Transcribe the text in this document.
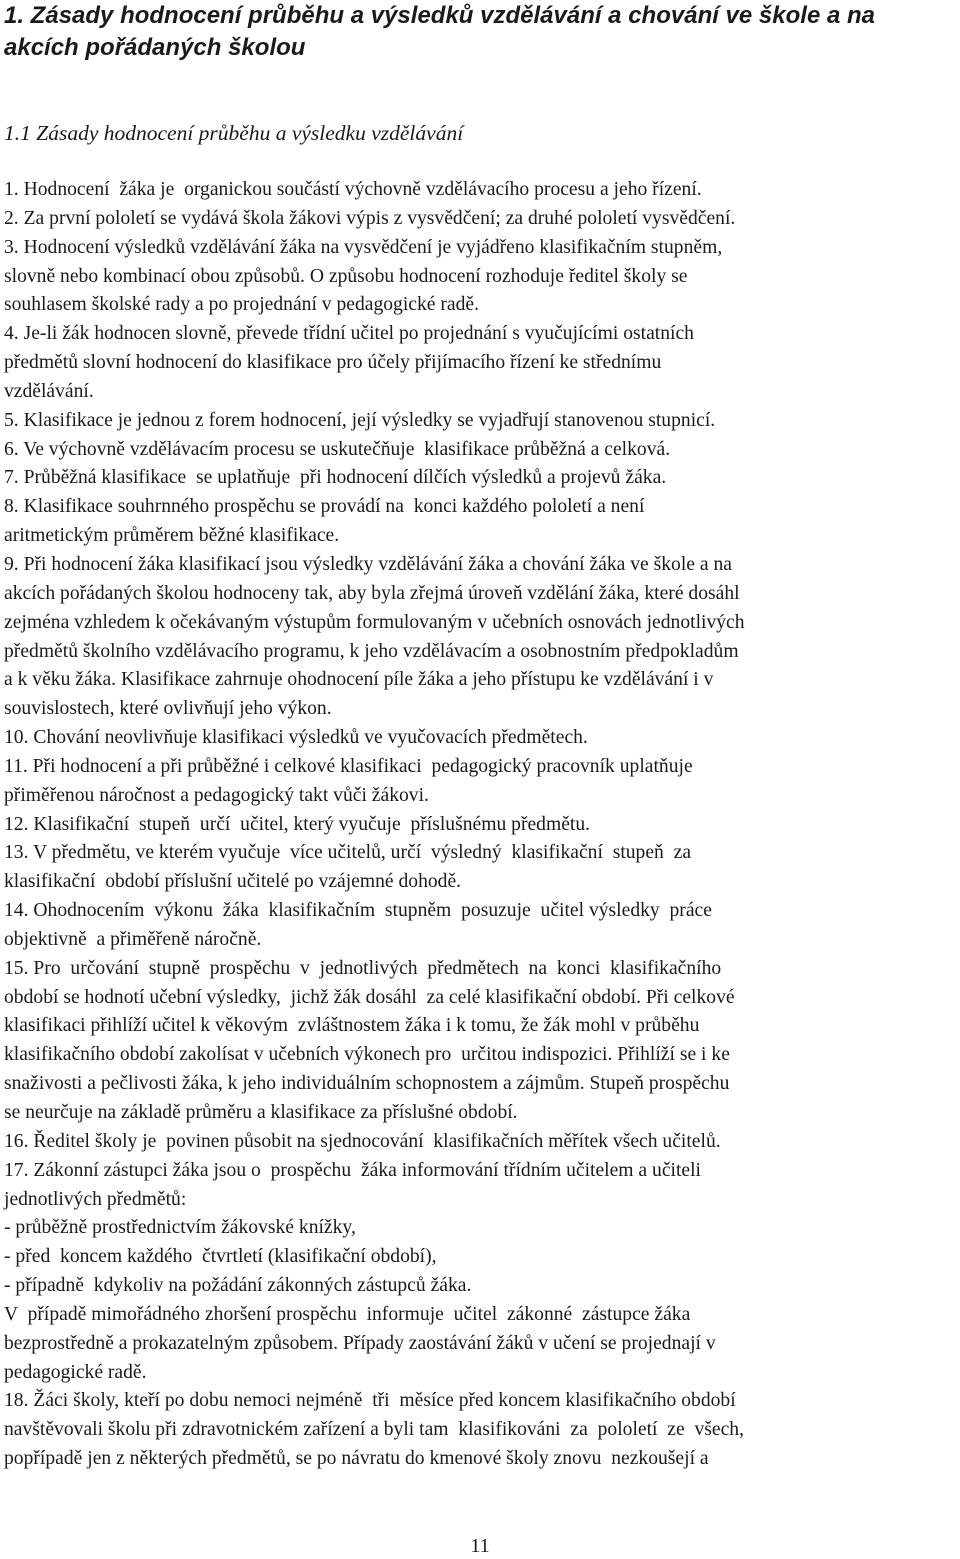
1. Zásady hodnocení průběhu a výsledků vzdělávání a chování ve škole a na
akcích pořádaných školou

1.1 Zásady hodnocení průběhu a výsledku vzdělávání

1. Hodnocení  žáka je  organickou součástí výchovně vzdělávacího procesu a jeho řízení.
2. Za první pololetí se vydává škola žákovi výpis z vysvědčení; za druhé pololetí vysvědčení.
3. Hodnocení výsledků vzdělávání žáka na vysvědčení je vyjádřeno klasifikačním stupněm,
slovně nebo kombinací obou způsobů. O způsobu hodnocení rozhoduje ředitel školy se
souhlasem školské rady a po projednání v pedagogické radě.
4. Je-li žák hodnocen slovně, převede třídní učitel po projednání s vyučujícími ostatních
předmětů slovní hodnocení do klasifikace pro účely přijímacího řízení ke střednímu
vzdělávání.
5. Klasifikace je jednou z forem hodnocení, její výsledky se vyjadřují stanovenou stupnicí.
6. Ve výchovně vzdělávacím procesu se uskutečňuje  klasifikace průběžná a celková.
7. Průběžná klasifikace  se uplatňuje  při hodnocení dílčích výsledků a projevů žáka.
8. Klasifikace souhrnného prospěchu se provádí na  konci každého pololetí a není
aritmetickým průměrem běžné klasifikace.
9. Při hodnocení žáka klasifikací jsou výsledky vzdělávání žáka a chování žáka ve škole a na
akcích pořádaných školou hodnoceny tak, aby byla zřejmá úroveň vzdělání žáka, které dosáhl
zejména vzhledem k očekávaným výstupům formulovaným v učebních osnovách jednotlivých
předmětů školního vzdělávacího programu, k jeho vzdělávacím a osobnostním předpokladům
a k věku žáka. Klasifikace zahrnuje ohodnocení píle žáka a jeho přístupu ke vzdělávání i v
souvislostech, které ovlivňují jeho výkon.
10. Chování neovlivňuje klasifikaci výsledků ve vyučovacích předmětech.
11. Při hodnocení a při průběžné i celkové klasifikaci  pedagogický pracovník uplatňuje
přiměřenou náročnost a pedagogický takt vůči žákovi.
12. Klasifikační  stupeň  určí  učitel, který vyučuje  příslušnému předmětu.
13. V předmětu, ve kterém vyučuje  více učitelů, určí  výsledný  klasifikační  stupeň  za
klasifikační  období příslušní učitelé po vzájemné dohodě.
14. Ohodnocením  výkonu  žáka  klasifikačním  stupněm  posuzuje  učitel výsledky  práce
objektivně  a přiměřeně náročně.
15. Pro  určování  stupně  prospěchu  v  jednotlivých  předmětech  na  konci  klasifikačního
období se hodnotí učební výsledky,  jichž žák dosáhl  za celé klasifikační období. Při celkové
klasifikaci přihlíží učitel k věkovým  zvláštnostem žáka i k tomu, že žák mohl v průběhu
klasifikačního období zakolísat v učebních výkonech pro  určitou indispozici. Přihlíží se i ke
snaživosti a pečlivosti žáka, k jeho individuálním schopnostem a zájmům. Stupeň prospěchu
se neurčuje na základě průměru a klasifikace za příslušné období.
16. Ředitel školy je  povinen působit na sjednocování  klasifikačních měřítek všech učitelů.
17. Zákonní zástupci žáka jsou o  prospěchu  žáka informování třídním učitelem a učiteli
jednotlivých předmětů:
- průběžně prostřednictvím žákovské knížky,
- před  koncem každého  čtvrtletí (klasifikační období),
- případně  kdykoliv na požádání zákonných zástupců žáka.
V  případě mimořádného zhoršení prospěchu  informuje  učitel  zákonné  zástupce žáka
bezprostředně a prokazatelným způsobem. Případy zaostávání žáků v učení se projednají v
pedagogické radě.
18. Žáci školy, kteří po dobu nemoci nejméně  tři  měsíce před koncem klasifikačního období
navštěvovali školu při zdravotnickém zařízení a byli tam  klasifikováni  za  pololetí  ze  všech,
popřípadě jen z některých předmětů, se po návratu do kmenové školy znovu  nezkoušejí a
11
